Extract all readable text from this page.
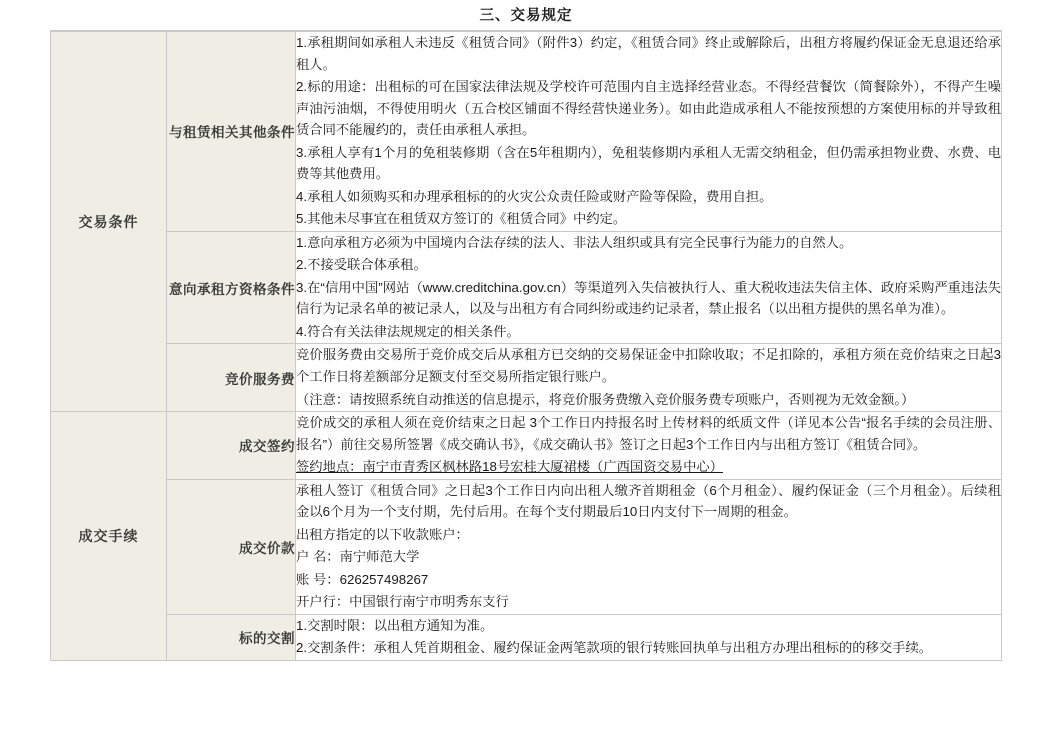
三、交易规定
交易条件	与租赁相关其他条件	1.承租期间如承租人未违反《租赁合同》（附件3）约定，《租赁合同》终止或解除后，出租方将履约保证金无息退还给承租人。

2.标的用途：出租标的可在国家法律法规及学校许可范围内自主选择经营业态。不得经营餐饮（简餐除外），不得产生噪声油污油烟，不得使用明火（五合校区铺面不得经营快递业务）。如由此造成承租人不能按预想的方案使用标的并导致租赁合同不能履约的，责任由承租人承担。

3.承租人享有1个月的免租装修期（含在5年租期内），免租装修期内承租人无需交纳租金，但仍需承担物业费、水费、电费等其他费用。

4.承租人如须购买和办理承租标的的火灾公众责任险或财产险等保险，费用自担。

5.其他未尽事宜在租赁双方签订的《租赁合同》中约定。

	意向承租方资格条件	1.意向承租方必须为中国境内合法存续的法人、非法人组织或具有完全民事行为能力的自然人。

2.不接受联合体承租。

3.在“信用中国”网站（www.creditchina.gov.cn）等渠道列入失信被执行人、重大税收违法失信主体、政府采购严重违法失信行为记录名单的被记录人，以及与出租方有合同纠纷或违约记录者，禁止报名（以出租方提供的黑名单为准）。

4.符合有关法律法规规定的相关条件。

	竞价服务费	竞价服务费由交易所于竞价成交后从承租方已交纳的交易保证金中扣除收取；不足扣除的，承租方须在竞价结束之日起3个工作日将差额部分足额支付至交易所指定银行账户。

（注意：请按照系统自动推送的信息提示，将竞价服务费缴入竞价服务费专项账户，否则视为无效金额。）

成交手续	成交签约	竞价成交的承租人须在竞价结束之日起 3个工作日内持报名时上传材料的纸质文件（详见本公告“报名手续的会员注册、报名”）前往交易所签署《成交确认书》，《成交确认书》签订之日起3个工作日内与出租方签订《租赁合同》。

签约地点：南宁市青秀区枫林路18号宏桂大厦裙楼（广西国资交易中心）

	成交价款	承租人签订《租赁合同》之日起3个工作日内向出租人缴齐首期租金（6个月租金）、履约保证金（三个月租金）。后续租金以6个月为一个支付期，先付后用。在每个支付期最后10日内支付下一周期的租金。

出租方指定的以下收款账户：

户 名：南宁师范大学

账 号：626257498267

开户行：中国银行南宁市明秀东支行

	标的交割	1.交割时限：以出租方通知为准。

2.交割条件：承租人凭首期租金、履约保证金两笔款项的银行转账回执单与出租方办理出租标的的移交手续。
